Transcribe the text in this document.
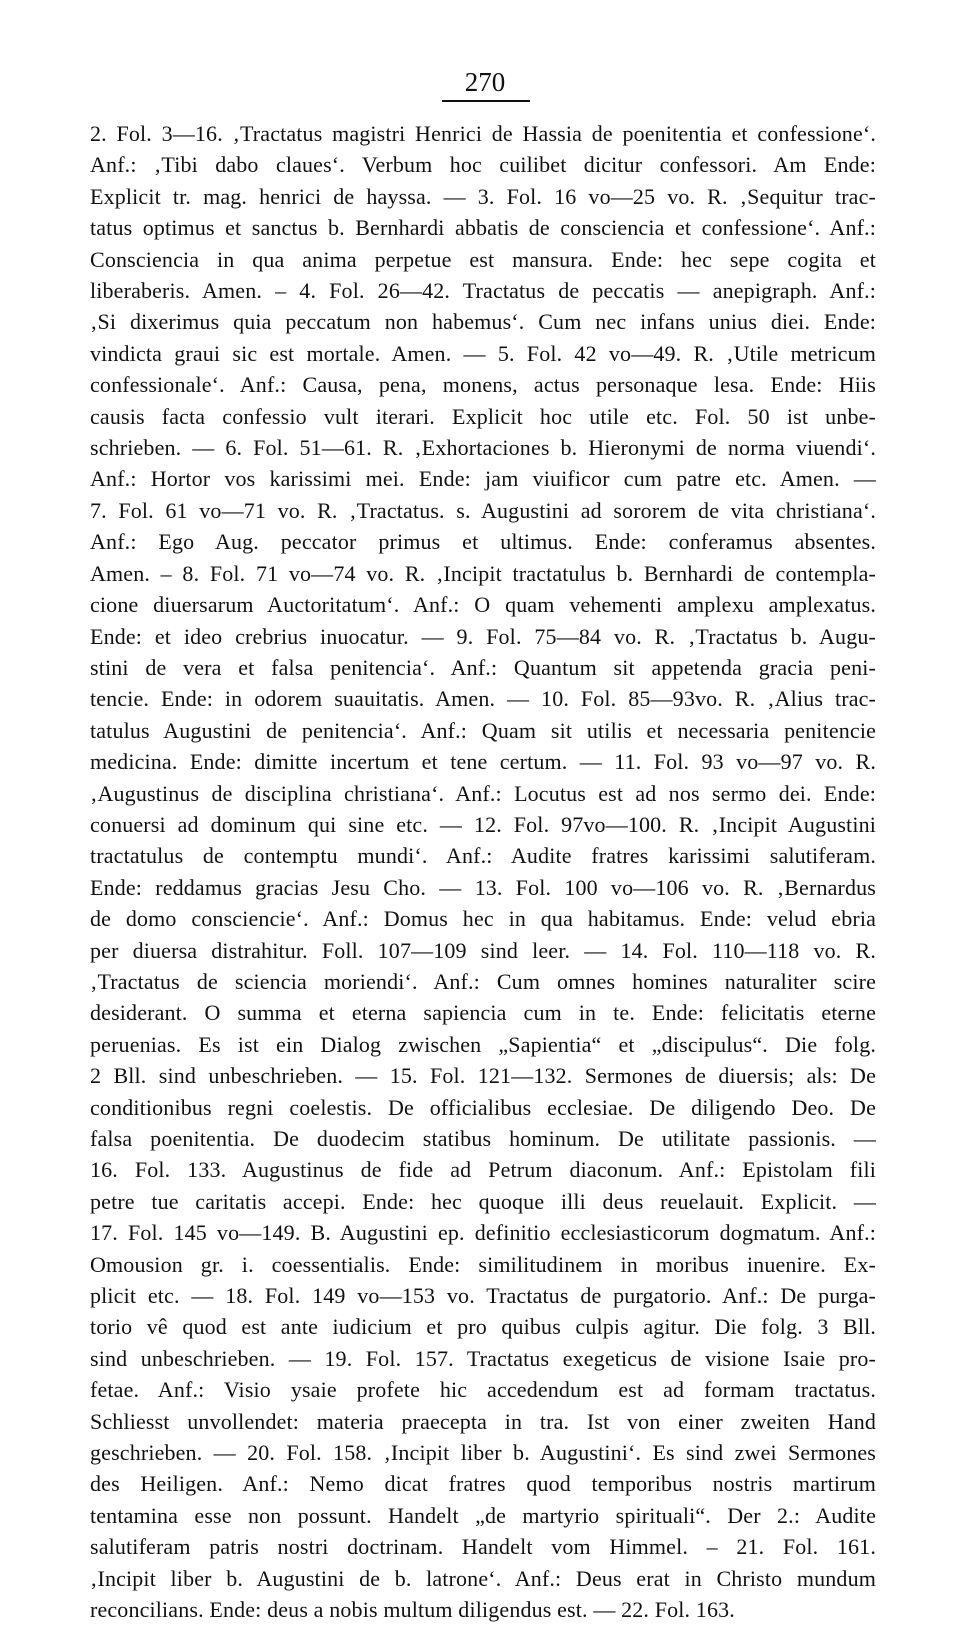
270
2. Fol. 3—16. ‚Tractatus magistri Henrici de Hassia de poenitentia et confessione‘.
Anf.: ‚Tibi dabo claues‘. Verbum hoc cuilibet dicitur confessori. Am Ende:
Explicit tr. mag. henrici de hayssa. — 3. Fol. 16 vo—25 vo. R. ‚Sequitur trac-
tatus optimus et sanctus b. Bernhardi abbatis de consciencia et confessione‘. Anf.:
Consciencia in qua anima perpetue est mansura. Ende: hec sepe cogita et
liberaberis. Amen. – 4. Fol. 26—42. Tractatus de peccatis — anepigraph. Anf.:
‚Si dixerimus quia peccatum non habemus‘. Cum nec infans unius diei. Ende:
vindicta graui sic est mortale. Amen. — 5. Fol. 42 vo—49. R. ‚Utile metricum
confessionale‘. Anf.: Causa, pena, monens, actus personaque lesa. Ende: Hiis
causis facta confessio vult iterari. Explicit hoc utile etc. Fol. 50 ist unbe-
schrieben. — 6. Fol. 51—61. R. ‚Exhortaciones b. Hieronymi de norma viuendi‘.
Anf.: Hortor vos karissimi mei. Ende: jam viuificor cum patre etc. Amen. —
7. Fol. 61 vo—71 vo. R. ‚Tractatus. s. Augustini ad sororem de vita christiana‘.
Anf.: Ego Aug. peccator primus et ultimus. Ende: conferamus absentes.
Amen. – 8. Fol. 71 vo—74 vo. R. ‚Incipit tractatulus b. Bernhardi de contempla-
cione diuersarum Auctoritatum‘. Anf.: O quam vehementi amplexu amplexatus.
Ende: et ideo crebrius inuocatur. — 9. Fol. 75—84 vo. R. ‚Tractatus b. Augu-
stini de vera et falsa penitencia‘. Anf.: Quantum sit appetenda gracia peni-
tencie. Ende: in odorem suauitatis. Amen. — 10. Fol. 85—93vo. R. ‚Alius trac-
tatulus Augustini de penitencia‘. Anf.: Quam sit utilis et necessaria penitencie
medicina. Ende: dimitte incertum et tene certum. — 11. Fol. 93 vo—97 vo. R.
‚Augustinus de disciplina christiana‘. Anf.: Locutus est ad nos sermo dei. Ende:
conuersi ad dominum qui sine etc. — 12. Fol. 97vo—100. R. ‚Incipit Augustini
tractatulus de contemptu mundi‘. Anf.: Audite fratres karissimi salutiferam.
Ende: reddamus gracias Jesu Cho. — 13. Fol. 100 vo—106 vo. R. ‚Bernardus
de domo consciencie‘. Anf.: Domus hec in qua habitamus. Ende: velud ebria
per diuersa distrahitur. Foll. 107—109 sind leer. — 14. Fol. 110—118 vo. R.
‚Tractatus de sciencia moriendi‘. Anf.: Cum omnes homines naturaliter scire
desiderant. O summa et eterna sapiencia cum in te. Ende: felicitatis eterne
peruenias. Es ist ein Dialog zwischen „Sapientia“ et „discipulus“. Die folg.
2 Bll. sind unbeschrieben. — 15. Fol. 121—132. Sermones de diuersis; als: De
conditionibus regni coelestis. De officialibus ecclesiae. De diligendo Deo. De
falsa poenitentia. De duodecim statibus hominum. De utilitate passionis. —
16. Fol. 133. Augustinus de fide ad Petrum diaconum. Anf.: Epistolam fili
petre tue caritatis accepi. Ende: hec quoque illi deus reuelauit. Explicit. —
17. Fol. 145 vo—149. B. Augustini ep. definitio ecclesiasticorum dogmatum. Anf.:
Omousion gr. i. coessentialis. Ende: similitudinem in moribus inuenire. Ex-
plicit etc. — 18. Fol. 149 vo—153 vo. Tractatus de purgatorio. Anf.: De purga-
torio vê quod est ante iudicium et pro quibus culpis agitur. Die folg. 3 Bll.
sind unbeschrieben. — 19. Fol. 157. Tractatus exegeticus de visione Isaie pro-
fetae. Anf.: Visio ysaie profete hic accedendum est ad formam tractatus.
Schliesst unvollendet: materia praecepta in tra. Ist von einer zweiten Hand
geschrieben. — 20. Fol. 158. ‚Incipit liber b. Augustini‘. Es sind zwei Sermones
des Heiligen. Anf.: Nemo dicat fratres quod temporibus nostris martirum
tentamina esse non possunt. Handelt „de martyrio spirituali“. Der 2.: Audite
salutiferam patris nostri doctrinam. Handelt vom Himmel. – 21. Fol. 161.
‚Incipit liber b. Augustini de b. latrone‘. Anf.: Deus erat in Christo mundum
reconcilians. Ende: deus a nobis multum diligendus est. — 22. Fol. 163.
